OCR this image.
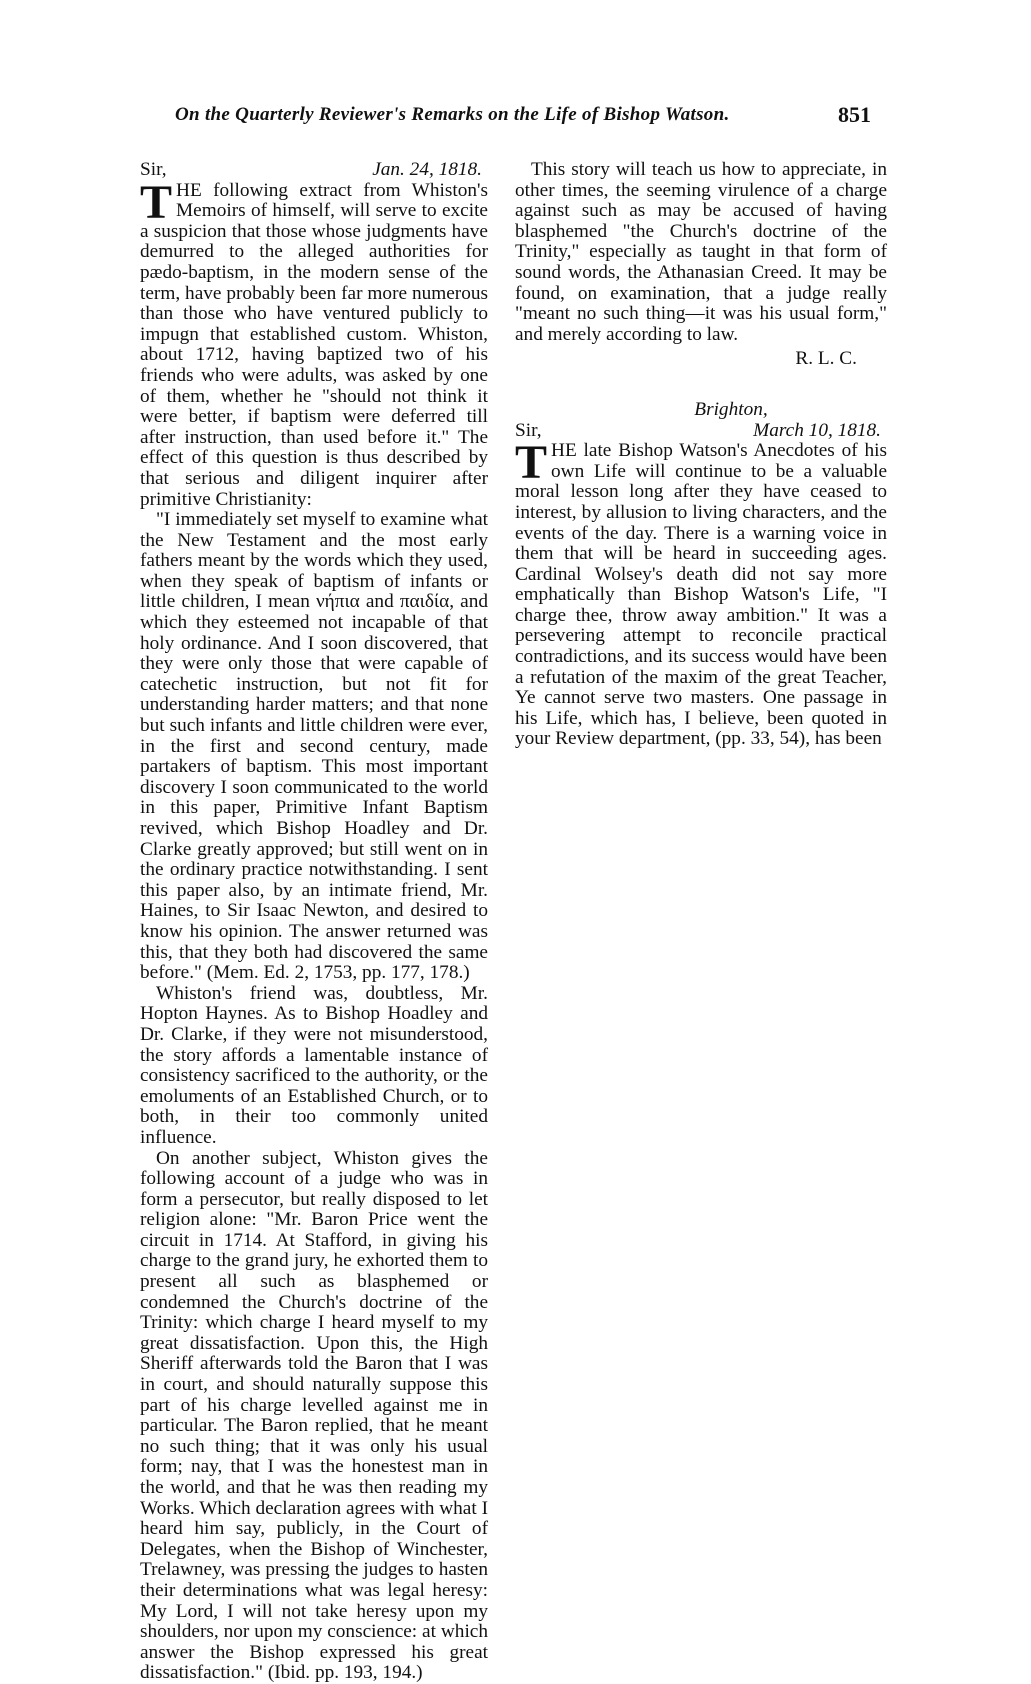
On the Quarterly Reviewer's Remarks on the Life of Bishop Watson.	851
Sir,	Jan. 24, 1818.

THE following extract from Whiston's Memoirs of himself, will serve to excite a suspicion that those whose judgments have demurred to the alleged authorities for pædo-baptism, in the modern sense of the term, have probably been far more numerous than those who have ventured publicly to impugn that established custom. Whiston, about 1712, having baptized two of his friends who were adults, was asked by one of them, whether he "should not think it were better, if baptism were deferred till after instruction, than used before it." The effect of this question is thus described by that serious and diligent inquirer after primitive Christianity:

"I immediately set myself to examine what the New Testament and the most early fathers meant by the words which they used, when they speak of baptism of infants or little children, I mean νήπια and παιδία, and which they esteemed not incapable of that holy ordinance. And I soon discovered, that they were only those that were capable of catechetic instruction, but not fit for understanding harder matters; and that none but such infants and little children were ever, in the first and second century, made partakers of baptism. This most important discovery I soon communicated to the world in this paper, Primitive Infant Baptism revived, which Bishop Hoadley and Dr. Clarke greatly approved; but still went on in the ordinary practice notwithstanding. I sent this paper also, by an intimate friend, Mr. Haines, to Sir Isaac Newton, and desired to know his opinion. The answer returned was this, that they both had discovered the same before." (Mem. Ed. 2, 1753, pp. 177, 178.)

Whiston's friend was, doubtless, Mr. Hopton Haynes. As to Bishop Hoadley and Dr. Clarke, if they were not misunderstood, the story affords a lamentable instance of consistency sacrificed to the authority, or the emoluments of an Established Church, or to both, in their too commonly united influence.

On another subject, Whiston gives the following account of a judge who was in form a persecutor, but really disposed to let religion alone: "Mr. Baron Price went the circuit in 1714. At Stafford, in giving his charge to the grand jury, he exhorted them to present all such as blasphemed or condemned the Church's doctrine of the Trinity: which charge I heard myself to my great dissatisfaction. Upon this, the High Sheriff afterwards told the Baron that I was in court, and should naturally suppose this part of his charge levelled against me in particular. The Baron replied, that he meant no such thing; that it was only his usual form; nay, that I was the honestest man in the world, and that he was then reading my Works. Which declaration agrees with what I heard him say, publicly, in the Court of Delegates, when the Bishop of Winchester, Trelawney, was pressing the judges to hasten their determinations what was legal heresy: My Lord, I will not take heresy upon my shoulders, nor upon my conscience: at which answer the Bishop expressed his great dissatisfaction." (Ibid. pp. 193, 194.)

This story will teach us how to appreciate, in other times, the seeming virulence of a charge against such as may be accused of having blasphemed "the Church's doctrine of the Trinity," especially as taught in that form of sound words, the Athanasian Creed. It may be found, on examination, that a judge really "meant no such thing—it was his usual form," and merely according to law.

R. L. C.

Brighton,

Sir,	March 10, 1818.

THE late Bishop Watson's Anecdotes of his own Life will continue to be a valuable moral lesson long after they have ceased to interest, by allusion to living characters, and the events of the day. There is a warning voice in them that will be heard in succeeding ages. Cardinal Wolsey's death did not say more emphatically than Bishop Watson's Life, "I charge thee, throw away ambition." It was a persevering attempt to reconcile practical contradictions, and its success would have been a refutation of the maxim of the great Teacher, Ye cannot serve two masters. One passage in his Life, which has, I believe, been quoted in your Review department, (pp. 33, 54), has been
